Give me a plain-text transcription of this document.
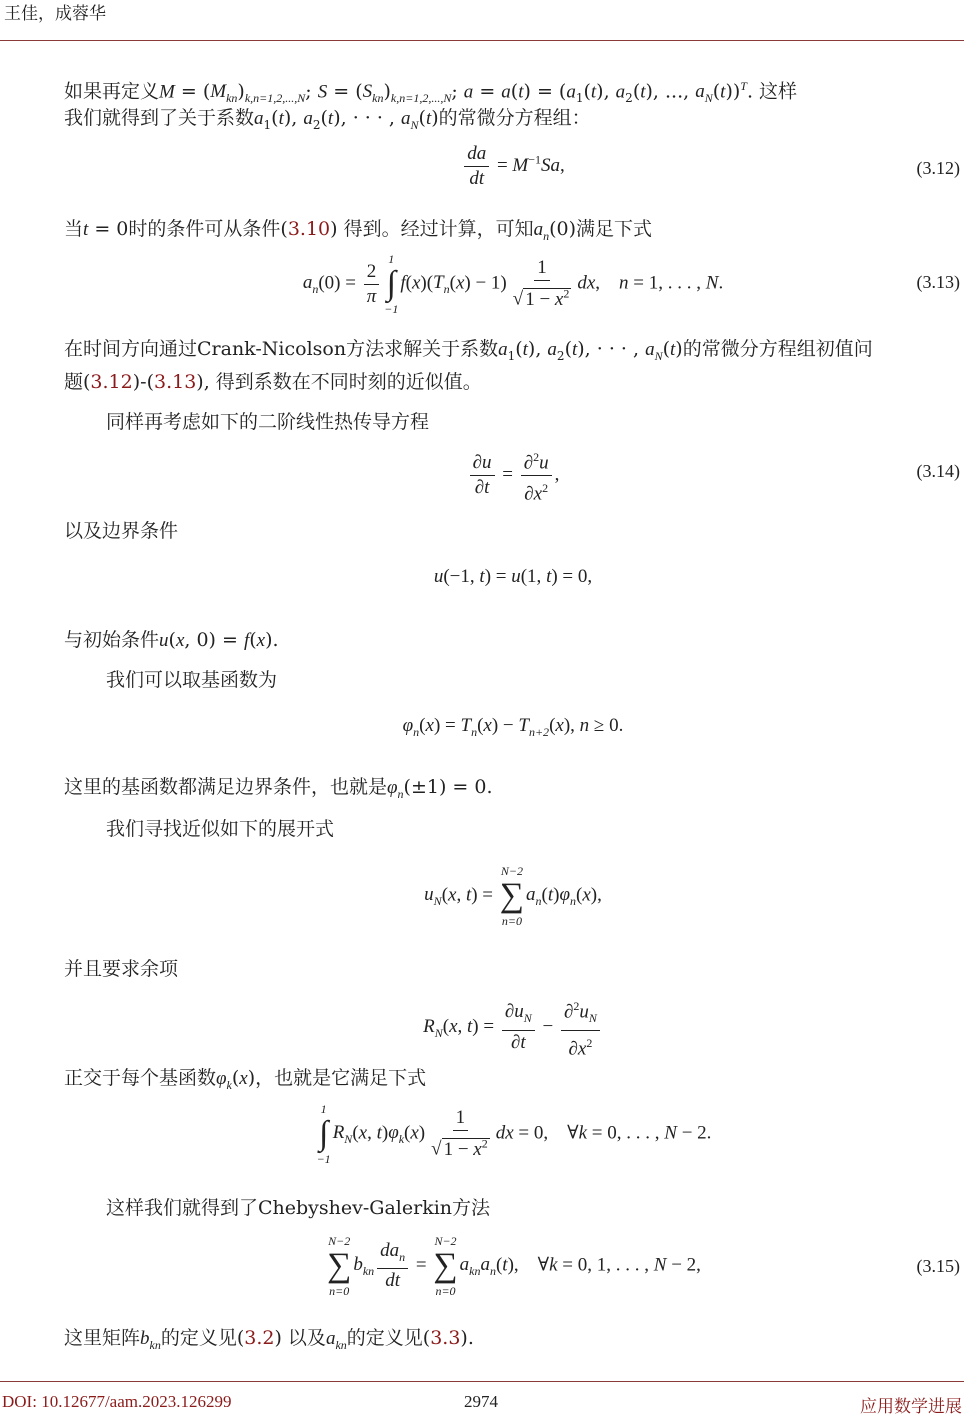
王佳，成蓉华
如果再定义$M = (M_{kn})_{k,n=1,2,...,N}$; $S = (S_{kn})_{k,n=1,2,...,N}$; $a = a(t) = (a_1(t)$, $a_2(t)$, ..., $a_N(t))^T$. 这样
我们就得到了关于系数$a_1(t)$, $a_2(t)$, · · · , $a_N(t)$的常微分方程组：
$\frac{da}{dt} = M^{-1}Sa$,	(3.12)
当t = 0时的条件可从条件(3.10) 得到。经过计算，可知$a_n(0)$满足下式
$a_n(0) = \frac{2}{\pi}$
1
∫
−1
$f(x)(T_n(x) - 1) \frac{1}{√ 1 - x^2}$ dx,    n = 1, . . . , N.	(3.13)
在时间方向通过Crank-Nicolson方法求解关于系数$a_1(t)$, $a_2(t)$, · · · , $a_N(t)$的常微分方程组初值问
题(3.12)-(3.13), 得到系数在不同时刻的近似值。
同样再考虑如下的二阶线性热传导方程
$\frac{\partial u}{\partial t} = \frac{\partial^2u}{\partial x^2}$ ,	(3.14)
以及边界条件
u(−1, t) = u(1, t) = 0,
与初始条件u(x, 0) = f(x).
我们可以取基函数为
$\varphi_n(x) = T_n(x) - T_{n+2}(x)$, n ≥ 0.
这里的基函数都满足边界条件，也就是$\varphi_n(\pm 1) = 0$.
我们寻找近似如下的展开式
$u_N(x$, t) =
N−2
∑
n=0
$a_n(t)\varphi_n(x)$,
并且要求余项
$R_N(x$, $t) = \frac{\partial u_N}{\partial t} - \frac{\partial^2u_N}{\partial x^2}$
正交于每个基函数$\varphi_k(x)$，也就是它满足下式
1
∫
−1
$R_N(x$, $t)\varphi_k(x) \frac{1}{√ 1 - x^2}$ dx = 0,    ∀k = 0, . . . , N − 2.
这样我们就得到了Chebyshev-Galerkin方法
N−2
∑
n=0
$b_{kn} \frac{da_n}{dt}$ =
N−2
∑
n=0
$a_{kn}a_n(t)$,    ∀k = 0, 1, . . . , N − 2,	(3.15)
这里矩阵$b_{kn}$的定义见(3.2) 以及$a_{kn}$的定义见(3.3).
DOI: 10.12677/aam.2023.126299	2974	应用数学进展
